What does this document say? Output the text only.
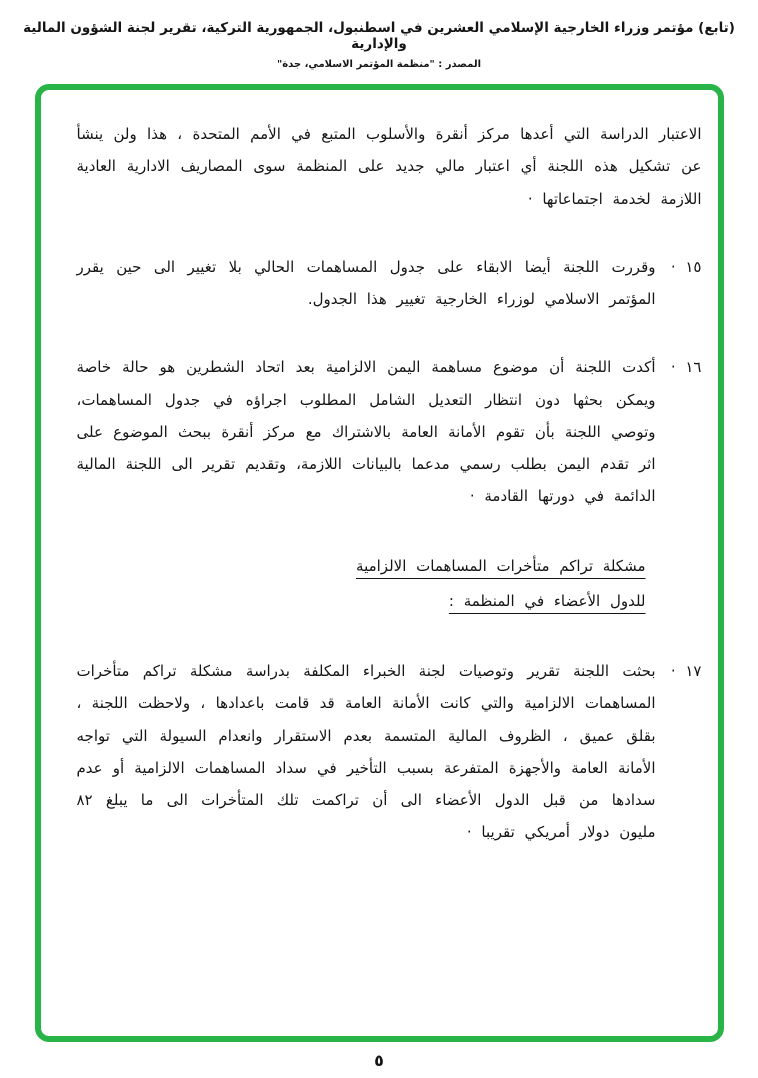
(تابع) مؤتمر وزراء الخارجية الإسلامي العشرين في اسطنبول، الجمهورية التركية، تقرير لجنة الشؤون المالية والإدارية
المصدر : "منظمة المؤتمر الاسلامي، جدة"

الاعتبار الدراسة التي أعدها مركز أنقرة والأسلوب المتبع في الأمم المتحدة ، هذا ولن ينشأ عن تشكيل هذه اللجنة أي اعتبار مالي جديد على المنظمة سوى المصاريف الادارية العادية اللازمة لخدمة اجتماعاتها ·

١٥ ·
وقررت اللجنة أيضا الابقاء على جدول المساهمات الحالي بلا تغيير الى حين يقرر المؤتمر الاسلامي لوزراء الخارجية تغيير هذا الجدول.
١٦ ·
أكدت اللجنة أن موضوع مساهمة اليمن الالزامية بعد اتحاد الشطرين هو حالة خاصة ويمكن بحثها دون انتظار التعديل الشامل المطلوب اجراؤه في جدول المساهمات، وتوصي اللجنة بأن تقوم الأمانة العامة بالاشتراك مع مركز أنقرة ببحث الموضوع على اثر تقدم اليمن بطلب رسمي مدعما بالبيانات اللازمة، وتقديم تقرير الى اللجنة المالية الدائمة في دورتها القادمة ·
مشكلة تراكم متأخرات المساهمات الالزامية
للدول الأعضاء في المنظمة :
١٧ ·
بحثت اللجنة تقرير وتوصيات لجنة الخبراء المكلفة بدراسة مشكلة تراكم متأخرات المساهمات الالزامية والتي كانت الأمانة العامة قد قامت باعدادها ، ولاحظت اللجنة ، بقلق عميق ، الظروف المالية المتسمة بعدم الاستقرار وانعدام السيولة التي تواجه الأمانة العامة والأجهزة المتفرعة بسبب التأخير في سداد المساهمات الالزامية أو عدم سدادها من قبل الدول الأعضاء الى أن تراكمت تلك المتأخرات الى ما يبلغ ٨٢ مليون دولار أمريكي تقريبا ·
٥
